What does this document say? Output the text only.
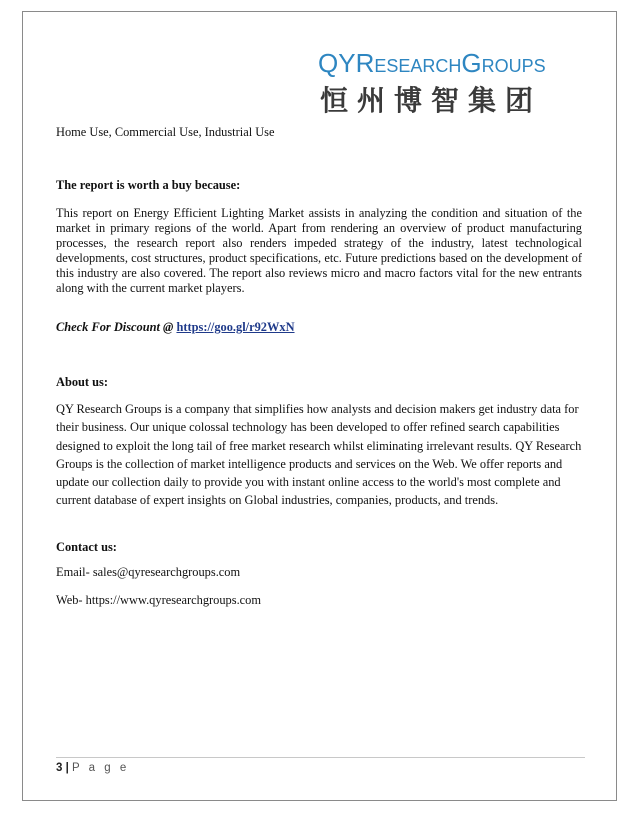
QYRESEARCHGROUPS
恒州博智集团
Home Use, Commercial Use, Industrial Use
The report is worth a buy because:
This report on Energy Efficient Lighting Market assists in analyzing the condition and situation of the market in primary regions of the world. Apart from rendering an overview of product manufacturing processes, the research report also renders impeded strategy of the industry, latest technological developments, cost structures, product specifications, etc. Future predictions based on the development of this industry are also covered. The report also reviews micro and macro factors vital for the new entrants along with the current market players.
Check For Discount @ https://goo.gl/r92WxN
About us:
QY Research Groups is a company that simplifies how analysts and decision makers get industry data for their business. Our unique colossal technology has been developed to offer refined search capabilities designed to exploit the long tail of free market research whilst eliminating irrelevant results. QY Research Groups is the collection of market intelligence products and services on the Web. We offer reports and update our collection daily to provide you with instant online access to the world's most complete and current database of expert insights on Global industries, companies, products, and trends.
Contact us:
Email- sales@qyresearchgroups.com
Web- https://www.qyresearchgroups.com
3 | P a g e
